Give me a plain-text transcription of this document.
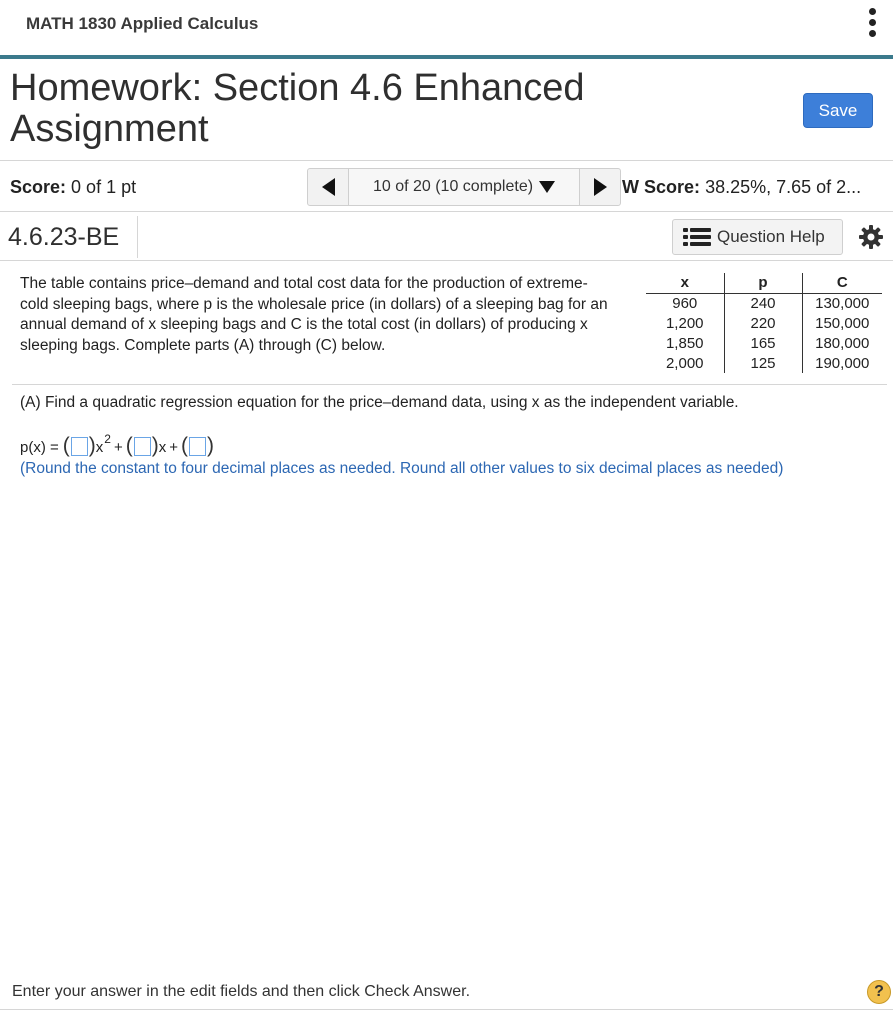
MATH 1830 Applied Calculus
Homework: Section 4.6 Enhanced Assignment	Save
Score: 0 of 1 pt	10 of 20 (10 complete)	W Score: 38.25%, 7.65 of 2...
4.6.23-BE	Question Help

The table contains price–demand and total cost data for the production of extreme-cold sleeping bags, where p is the wholesale price (in dollars) of a sleeping bag for an annual demand of x sleeping bags and C is the total cost (in dollars) of producing x sleeping bags. Complete parts (A) through (C) below.

x	p	C
960	240	130,000
1,200	220	150,000
1,850	165	180,000
2,000	125	190,000
(A) Find a quadratic regression equation for the price–demand data, using x as the independent variable.
p(x) = ( ) x 2 + ( ) x + ( )
(Round the constant to four decimal places as needed. Round all other values to six decimal places as needed)
Enter your answer in the edit fields and then click Check Answer.	?
